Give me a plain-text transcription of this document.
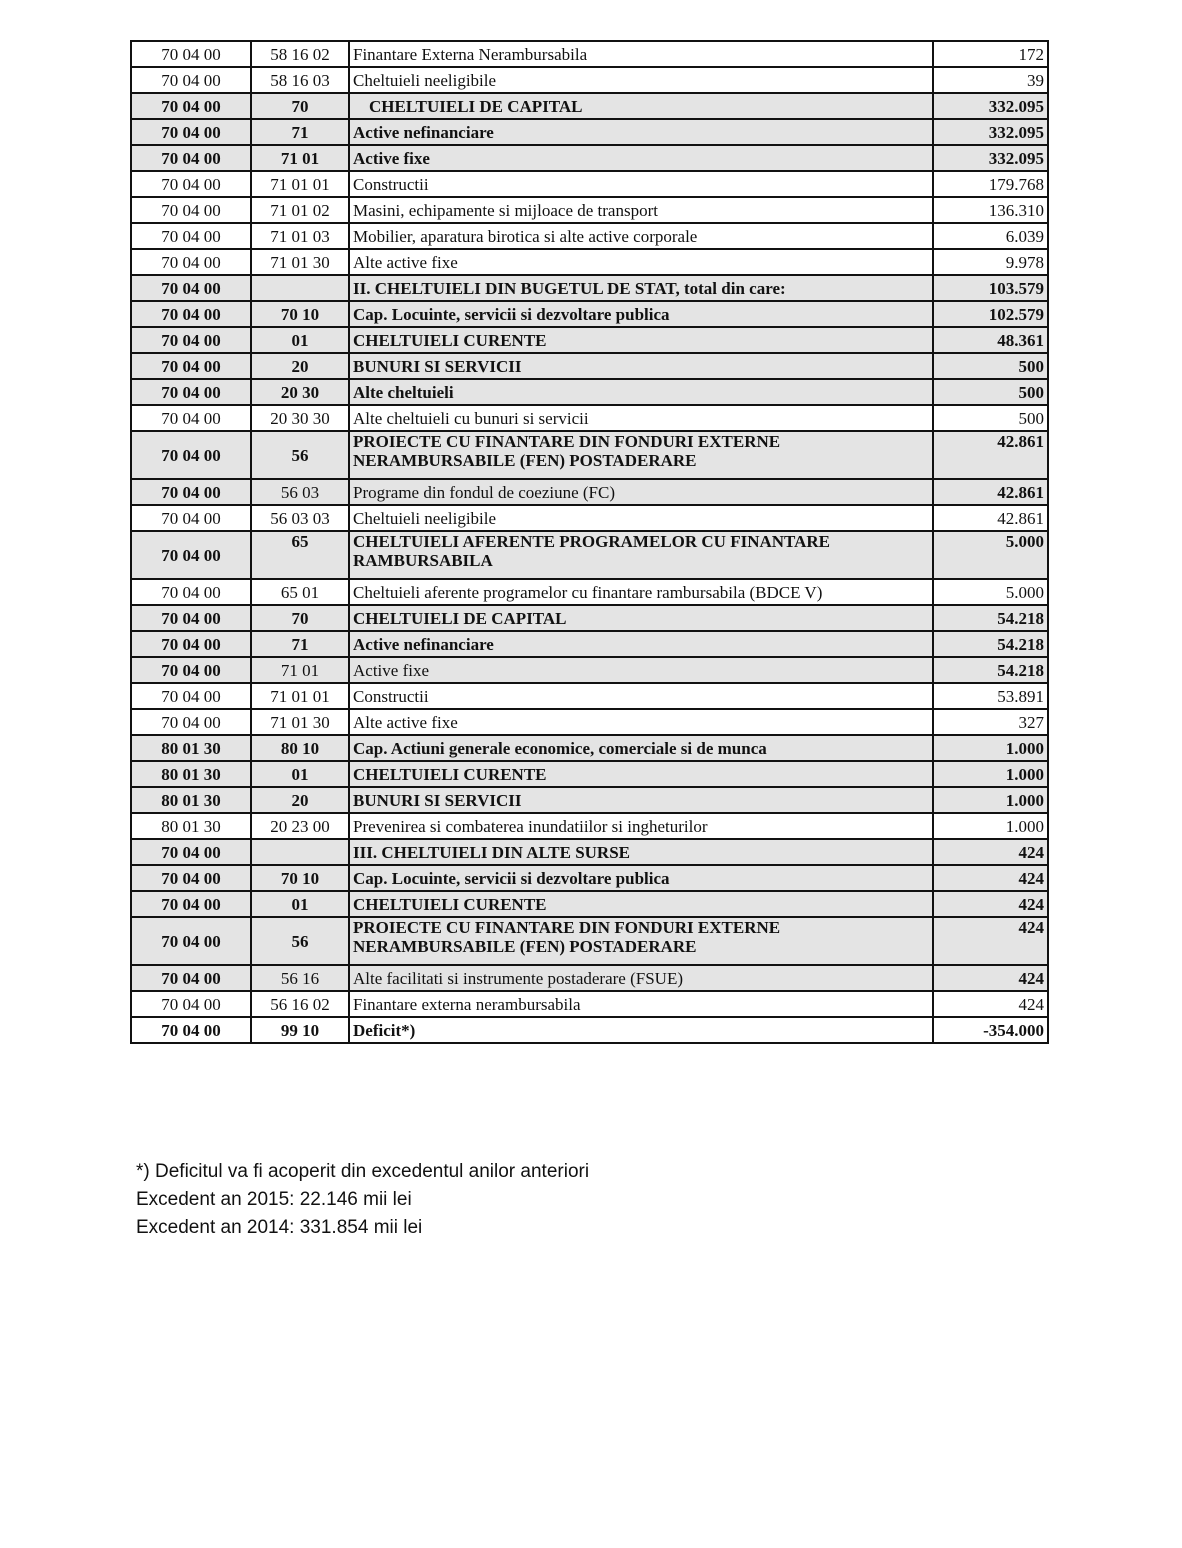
70 04 00	58 16 02	Finantare Externa Nerambursabila	172
70 04 00	58 16 03	Cheltuieli neeligibile	39
70 04 00	70	CHELTUIELI DE CAPITAL	332.095
70 04 00	71	Active nefinanciare	332.095
70 04 00	71 01	Active fixe	332.095
70 04 00	71 01 01	Constructii	179.768
70 04 00	71 01 02	Masini, echipamente si mijloace de transport	136.310
70 04 00	71 01 03	Mobilier, aparatura birotica si alte active corporale	6.039
70 04 00	71 01 30	Alte active fixe	9.978
70 04 00		II. CHELTUIELI DIN BUGETUL DE STAT, total din care:	103.579
70 04 00	70 10	Cap. Locuinte, servicii si dezvoltare publica	102.579
70 04 00	01	CHELTUIELI CURENTE	48.361
70 04 00	20	BUNURI SI SERVICII	500
70 04 00	20 30	Alte cheltuieli	500
70 04 00	20 30 30	Alte cheltuieli cu bunuri si servicii	500
70 04 00	56	PROIECTE CU FINANTARE DIN FONDURI EXTERNE NERAMBURSABILE (FEN) POSTADERARE	42.861
70 04 00	56 03	Programe din fondul de coeziune (FC)	42.861
70 04 00	56 03 03	Cheltuieli neeligibile	42.861
70 04 00	65	CHELTUIELI AFERENTE PROGRAMELOR CU FINANTARE RAMBURSABILA	5.000
70 04 00	65 01	Cheltuieli aferente programelor cu finantare rambursabila (BDCE V)	5.000
70 04 00	70	CHELTUIELI DE CAPITAL	54.218
70 04 00	71	Active nefinanciare	54.218
70 04 00	71 01	Active fixe	54.218
70 04 00	71 01 01	Constructii	53.891
70 04 00	71 01 30	Alte active fixe	327
80 01 30	80 10	Cap. Actiuni generale economice, comerciale si de munca	1.000
80 01 30	01	CHELTUIELI CURENTE	1.000
80 01 30	20	BUNURI SI SERVICII	1.000
80 01 30	20 23 00	Prevenirea si combaterea inundatiilor si ingheturilor	1.000
70 04 00		III. CHELTUIELI DIN ALTE SURSE	424
70 04 00	70 10	Cap. Locuinte, servicii si dezvoltare publica	424
70 04 00	01	CHELTUIELI CURENTE	424
70 04 00	56	PROIECTE CU FINANTARE DIN FONDURI EXTERNE NERAMBURSABILE (FEN) POSTADERARE	424
70 04 00	56 16	Alte facilitati si instrumente postaderare (FSUE)	424
70 04 00	56 16 02	Finantare externa nerambursabila	424
70 04 00	99 10	Deficit*)	-354.000
*) Deficitul va fi acoperit din excedentul anilor anteriori
Excedent an 2015: 22.146 mii lei
Excedent an 2014: 331.854 mii lei
